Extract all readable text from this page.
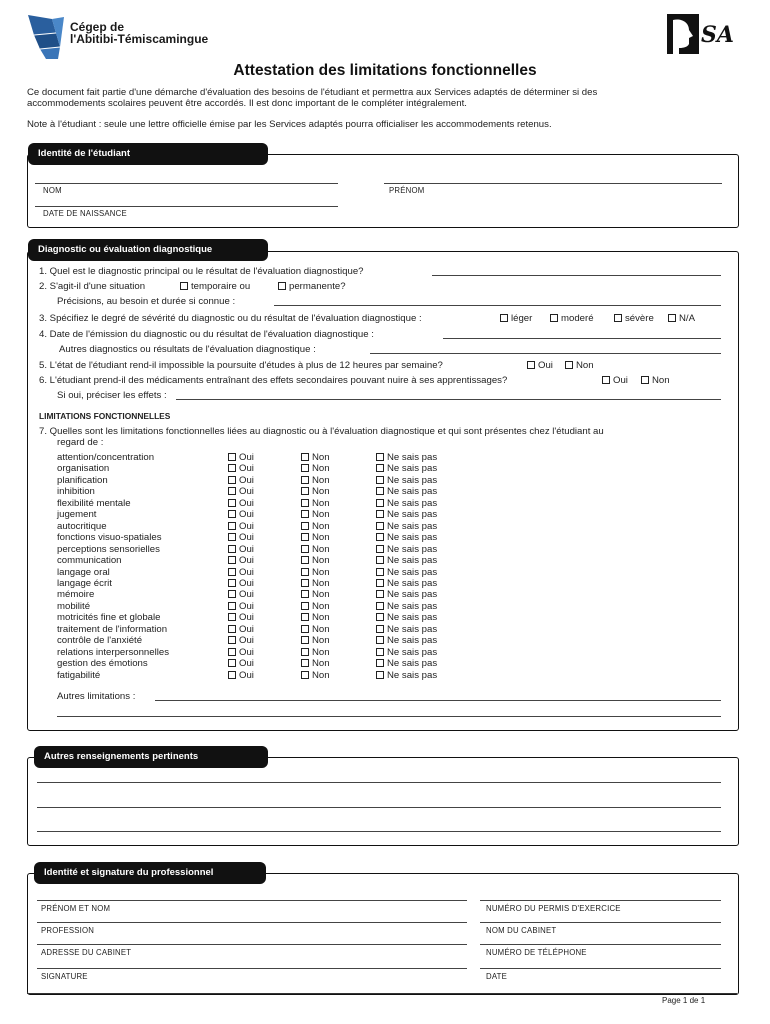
Cégep de
l'Abitibi-Témiscamingue	SA
Attestation des limitations fonctionnelles
Ce document fait partie d'une démarche d'évaluation des besoins de l'étudiant et permettra aux Services adaptés de déterminer si des
accommodements scolaires peuvent être accordés. Il est donc important de le compléter intégralement.
Note à l'étudiant : seule une lettre officielle émise par les Services adaptés pourra officialiser les accommodements retenus.
Identité de l'étudiant
NOM	PRÉNOM
DATE DE NAISSANCE
Diagnostic ou évaluation diagnostique
1. Quel est le diagnostic principal ou le résultat de l'évaluation diagnostique?
2. S'agit-il d'une situation	temporaire ou	permanente?
Précisions, au besoin et durée si connue :
3. Spécifiez le degré de sévérité du diagnostic ou du résultat de l'évaluation diagnostique :	léger	moderé	sévère	N/A
4. Date de l'émission du diagnostic ou du résultat de l'évaluation diagnostique :
Autres diagnostics ou résultats de l'évaluation diagnostique :
5. L'état de l'étudiant rend-il impossible la poursuite d'études à plus de 12 heures par semaine?	Oui	Non
6. L'étudiant prend-il des médicaments entraînant des effets secondaires pouvant nuire à ses apprentissages?	Oui	Non
Si oui, préciser les effets :
LIMITATIONS FONCTIONNELLES
7. Quelles sont les limitations fonctionnelles liées au diagnostic ou à l'évaluation diagnostique et qui sont présentes chez l'étudiant au
regard de :
attention/concentration	Oui	Non	Ne sais pas
organisation	Oui	Non	Ne sais pas
planification	Oui	Non	Ne sais pas
inhibition	Oui	Non	Ne sais pas
flexibilité mentale	Oui	Non	Ne sais pas
jugement	Oui	Non	Ne sais pas
autocritique	Oui	Non	Ne sais pas
fonctions visuo-spatiales	Oui	Non	Ne sais pas
perceptions sensorielles	Oui	Non	Ne sais pas
communication	Oui	Non	Ne sais pas
langage oral	Oui	Non	Ne sais pas
langage écrit	Oui	Non	Ne sais pas
mémoire	Oui	Non	Ne sais pas
mobilité	Oui	Non	Ne sais pas
motricités fine et globale	Oui	Non	Ne sais pas
traitement de l'information	Oui	Non	Ne sais pas
contrôle de l'anxiété	Oui	Non	Ne sais pas
relations interpersonnelles	Oui	Non	Ne sais pas
gestion des émotions	Oui	Non	Ne sais pas
fatigabilité	Oui	Non	Ne sais pas
Autres limitations :
Autres renseignements pertinents
Identité et signature du professionnel
PRÉNOM ET NOM	NUMÉRO DU PERMIS D'EXERCICE
PROFESSION	NOM DU CABINET
ADRESSE DU CABINET	NUMÉRO DE TÉLÉPHONE
SIGNATURE	DATE
Page 1 de 1
